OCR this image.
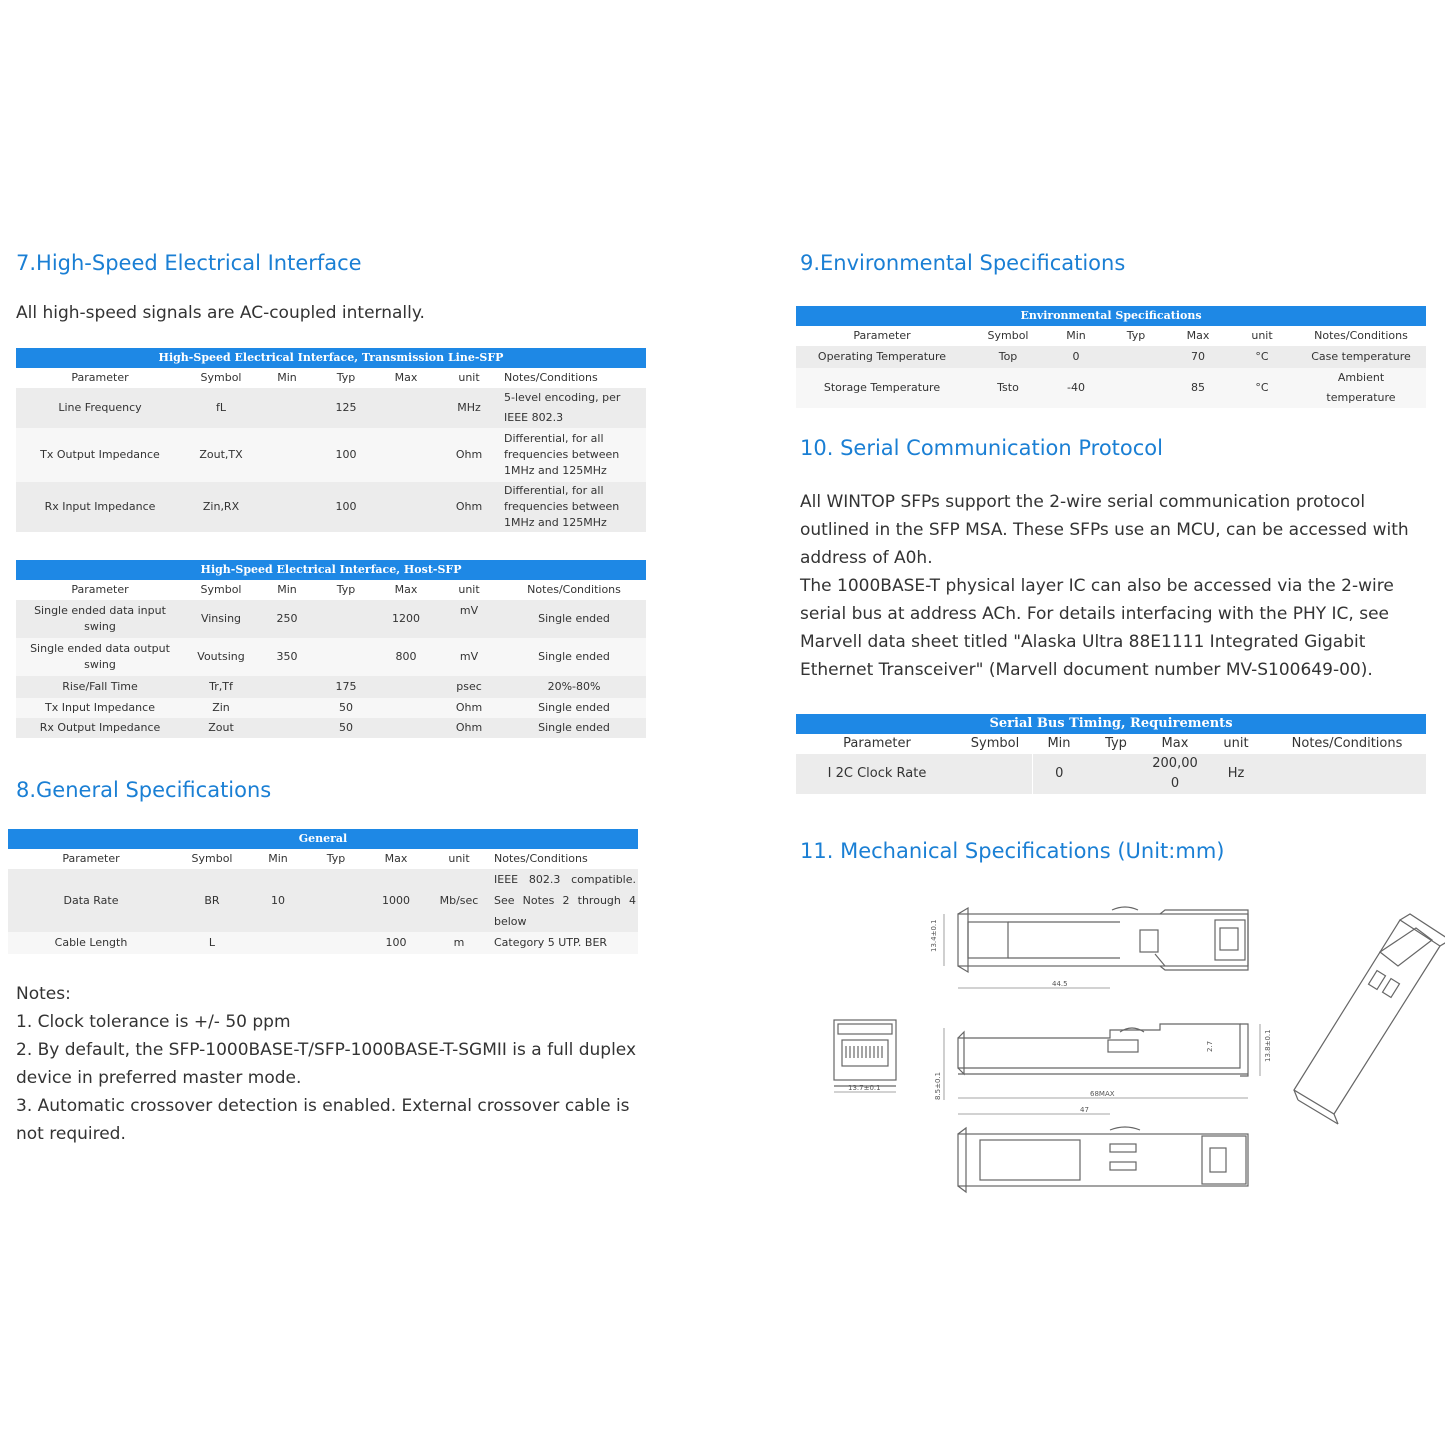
7.High-Speed Electrical Interface
All high-speed signals are AC-coupled internally.
High-Speed Electrical Interface, Transmission Line-SFP						
Parameter	Symbol	Min	Typ	Max	unit	Notes/Conditions
Line Frequency	fL		125		MHz	5-level encoding, per IEEE 802.3
Tx Output Impedance	Zout,TX		100		Ohm	Differential, for all frequencies between 1MHz and 125MHz
Rx Input Impedance	Zin,RX		100		Ohm	Differential, for all frequencies between 1MHz and 125MHz
High-Speed Electrical Interface, Host-SFP						
Parameter	Symbol	Min	Typ	Max	unit	Notes/Conditions
Single ended data input swing	Vinsing	250		1200	mV	Single ended
Single ended data output swing	Voutsing	350		800	mV	Single ended
Rise/Fall Time	Tr,Tf		175		psec	20%-80%
Tx Input Impedance	Zin		50		Ohm	Single ended
Rx Output Impedance	Zout		50		Ohm	Single ended
8.General Specifications
General						
Parameter	Symbol	Min	Typ	Max	unit	Notes/Conditions
Data Rate	BR	10		1000	Mb/sec	IEEE 802.3 compatible. See Notes 2 through 4 below
Cable Length	L			100	m	Category 5 UTP. BER

Notes:

1. Clock tolerance is +/- 50 ppm

2. By default, the SFP-1000BASE-T/SFP-1000BASE-T-SGMII is a full duplex device in preferred master mode.

3. Automatic crossover detection is enabled. External crossover cable is not required.

9.Environmental Specifications
Environmental Specifications						
Parameter	Symbol	Min	Typ	Max	unit	Notes/Conditions
Operating Temperature	Top	0		70	°C	Case temperature
Storage Temperature	Tsto	-40		85	°C	Ambient temperature
10. Serial Communication Protocol

All WINTOP SFPs support the 2-wire serial communication protocol outlined in the SFP MSA. These SFPs use an MCU, can be accessed with address of A0h.

The 1000BASE-T physical layer IC can also be accessed via the 2-wire serial bus at address ACh. For details interfacing with the PHY IC, see Marvell data sheet titled "Alaska Ultra 88E1111 Integrated Gigabit Ethernet Transceiver" (Marvell document number MV-S100649-00).

Serial Bus Timing, Requirements						
Parameter	Symbol	Min	Typ	Max	unit	Notes/Conditions
I 2C Clock Rate		0		200,000	Hz	
11. Mechanical Specifications (Unit:mm)
13.4±0.1
44.5
13.7±0.1
2.7	13.8±0.1
8.5±0.1	68MAX
47
